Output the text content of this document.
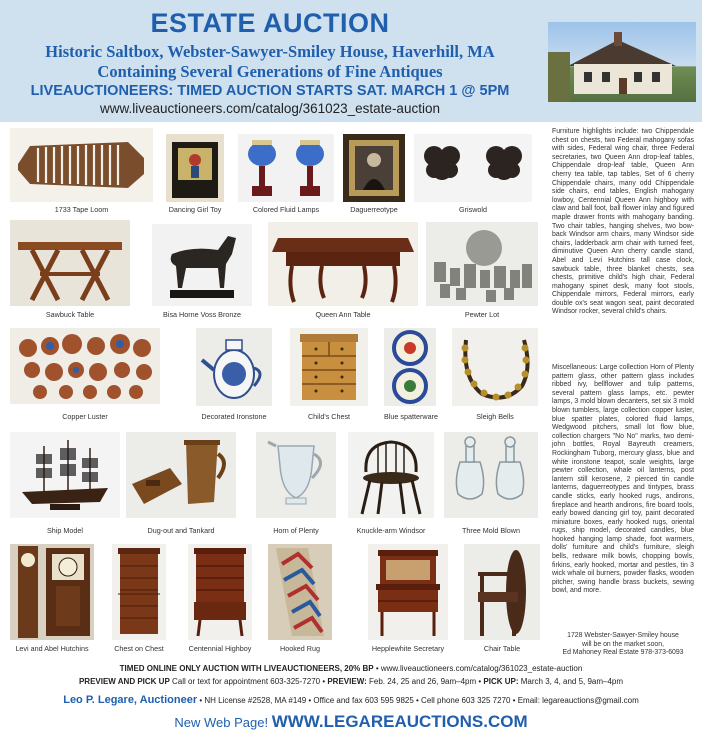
ESTATE AUCTION
Historic Saltbox, Webster-Sawyer-Smiley House, Haverhill, MA
Containing Several Generations of Fine Antiques
LIVEAUCTIONEERS: TIMED AUCTION STARTS SAT. MARCH 1 @ 5PM
www.liveauctioneers.com/catalog/361023_estate-auction
1733 Tape Loom	Dancing Girl Toy	Colored Fluid Lamps	Daguerreotype	Griswold
Sawbuck Table	Bisa Horne Voss Bronze	Queen Ann Table	Pewter Lot
Copper Luster	Decorated Ironstone	Child's Chest	Blue spatterware	Sleigh Bells
Ship Model	Dug-out and Tankard	Horn of Plenty	Knuckle-arm Windsor	Three Mold Blown
Levi and Abel Hutchins	Chest on Chest	Centennial Highboy	Hooked Rug	Hepplewhite Secretary	Chair Table
Furniture highlights include: two Chippendale chest on chests, two Federal mahogany sofas with sides, Federal wing chair, three Federal secretaries, two Queen Ann drop-leaf tables, Chippendale drop-leaf table, Queen Ann cherry tea table, tap tables, Set of 6 cherry Chippendale chairs, many odd Chippendale side chairs, end tables, English mahogany lowboy, Centennial Queen Ann highboy with claw and ball foot, ball flower inlay and figured maple drawer fronts with mahogany banding. Two chair tables, hanging shelves, two bow-back Windsor arm chairs, many Windsor side chairs, ladderback arm chair with turned feet, diminutive Queen Ann cherry candle stand, Abel and Levi Hutchins tall case clock, sawbuck table, three blanket chests, sea chests, primitive child's high chair, Federal mahogany spinet desk, many foot stools, Chippendale mirrors, Federal mirrors, early double ox's seat wagon seat, paint decorated Windsor rocker, several child's chairs.
Miscellaneous: Large collection Horn of Plenty pattern glass, other pattern glass includes ribbed ivy, bellflower and tulip patterns, several pattern glass lamps, etc. pewter lamps, 3 mold blown decanters, set six 3 mold blown tumblers, large collection copper luster, blue spatter plates, colored fluid lamps, Wedgwood pitchers, small lot flow blue, collection chargers "No No" marks, two demi-john bottles, Royal Bayreuth creamers, Rockingham Tuborg, mercury glass, blue and white ironstone teapot, scale weights, large pewter collection, whale oil lanterns, post lantern still kerosene, 2 pierced tin candle lanterns, daguerreotypes and tintypes, brass candle sticks, early hooked rugs, andirons, fireplace and hearth andirons, fire board tools, early bowed dancing girl toy, paint decorated miniature boxes, early hooked rugs, oriental rugs, ship model, decorated candles, blue hooked hanging lamp shade, foot warmers, dolls' furniture and child's furniture, sleigh bells, redware milk bowls, chopping bowls, firkins, early hooked, mortar and pestles, tin 3 wick whale oil burners, powder flasks, wooden pitcher, swing handle brass buckets, sewing bowl, and more.
1728 Webster-Sawyer-Smiley house
will be on the market soon,
Ed Mahoney Real Estate 978-373-6093
TIMED ONLINE ONLY AUCTION WITH LIVEAUCTIONEERS, 20% BP • www.liveauctioneers.com/catalog/361023_estate-auction
PREVIEW AND PICK UP Call or text for appointment 603-325-7270 • PREVIEW: Feb. 24, 25 and 26, 9am–4pm • PICK UP: March 3, 4, and 5, 9am–4pm
Leo P. Legare, Auctioneer • NH License #2528, MA #149 • Office and fax 603 595 9825 • Cell phone 603 325 7270 • Email: legareauctions@gmail.com
New Web Page! WWW.LEGAREAUCTIONS.COM
